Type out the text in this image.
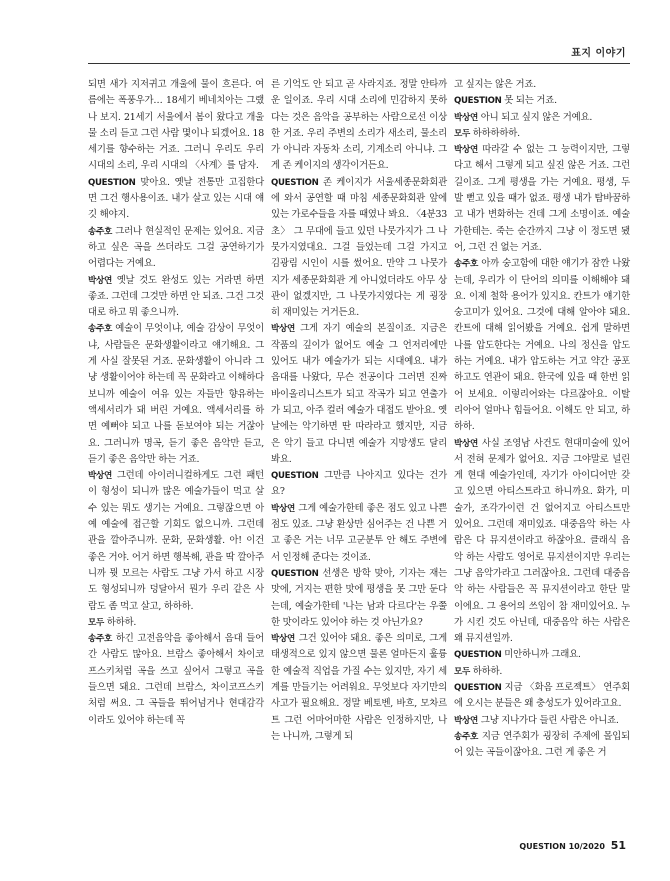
표지 이야기
되면 새가 지저귀고 개울에 물이 흐른다. 여름에는 폭풍우가… 18세기 베네치아는 그랬나 보지. 21세기 서울에서 봄이 왔다고 개울물 소리 듣고 그런 사람 몇이나 되겠어요. 18세기를 향수하는 거죠. 그러니 우리도 우리 시대의 소리, 우리 시대의 〈사계〉를 담자.
QUESTION 맞아요. 옛날 전통만 고집한다면 그건 행사용이죠. 내가 살고 있는 시대 얘깃 해야지.
송주호 그러나 현실적인 문제는 있어요. 지금 하고 싶은 곡을 쓰더라도 그걸 공연하기가 어렵다는 거예요.
박상연 옛날 것도 완성도 있는 거라면 하면 좋죠. 그런데 그것만 하면 안 되죠. 그건 그것대로 하고 뭐 좋으니까.
송주호 예술이 무엇이냐, 예술 감상이 무엇이냐, 사람들은 문화생활이라고 얘기해요. 그게 사실 잘못된 거죠. 문화생활이 아니라 그냥 생활이어야 하는데 꼭 문화라고 이해하다 보니까 예술이 여유 있는 자들만 향유하는 액세서리가 돼 버린 거예요. 액세서리를 하면 예뻐야 되고 나를 돋보여야 되는 거잖아요. 그러니까 명곡, 듣기 좋은 음악만 듣고, 듣기 좋은 음악만 하는 거죠.
박상연 그런데 아이러니컬하게도 그런 패턴이 형성이 되니까 많은 예술가들이 먹고 살 수 있는 뭐도 생기는 거예요. 그렇잖으면 아예 예술에 접근할 기회도 없으니까. 그런데 관을 깔아주니까. 문화, 문화생활. 아! 이건 좋은 거야. 어거 하면 행복해, 관을 딱 깔아주니까 뭣 모르는 사람도 그냥 가서 하고 시장도 형성되니까 덩달아서 뭔가 우리 같은 사람도 좀 먹고 살고, 하하하.
모두 하하하.
송주호 하긴 고전음악을 좋아해서 음대 들어간 사람도 많아요. 브람스 좋아해서 차이코프스키처럼 곡을 쓰고 싶어서 그렇고 곡을 들으면 돼요. 그런데 브람스, 차이코프스키처럼 써요. 그 곡들을 뛰어넘거나 현대감각이라도 있어야 하는데 꼭
른 기억도 안 되고 곧 사라지죠. 정말 안타까운 일이죠. 우리 시대 소리에 민감하지 못하다는 것은 음악을 공부하는 사람으로선 이상한 거죠. 우리 주변의 소리가 새소리, 물소리가 아니라 자동차 소리, 기계소리 아니냐. 그게 존 케이지의 생각이거든요.
QUESTION 존 케이지가 서울세종문화회관에 와서 공연할 때 마침 세종문화회관 앞에 있는 가로수들을 자를 때였나 봐요. 〈4분33초〉 그 무대에 들고 있던 나뭇가지가 그 나뭇가지였대요. 그걸 들었는데 그걸 가지고 김광림 시인이 시를 썼어요. 만약 그 나뭇가지가 세종문화회관 게 아니었더라도 아무 상관이 없겠지만, 그 나뭇가지였다는 게 굉장히 재미있는 거거든요.
박상연 그게 자기 예술의 본질이죠. 지금은 작품의 깊이가 없어도 예술 그 언저리에만 있어도 내가 예술가가 되는 시대예요. 내가 음대를 나왔다, 무슨 전공이다 그러면 진짜 바이올리니스트가 되고 작곡가 되고 연출가가 되고, 아주 컬러 예술가 대접도 받아요. 옛날에는 악기하면 딴 따라라고 했지만, 지금은 악기 들고 다니면 예술가 지망생도 달리 봐요.
QUESTION 그만큼 나아지고 있다는 건가요?
박상연 그게 예술가한테 좋은 점도 있고 나쁜 점도 있죠. 그냥 환상만 심어주는 건 나쁜 거고 좋은 거는 너무 고군분투 안 해도 주변에서 인정해 준다는 것이죠.
QUESTION 선생은 방학 맞아, 기자는 재는 맛에, 거지는 편한 맛에 평생을 못 그만 둔다는데, 예술가한테 '나는 남과 다르다'는 우쭐한 맛이라도 있어야 하는 것 아닌가요?
박상연 그건 있어야 돼요. 좋은 의미로, 그게 태생적으로 있지 않으면 물론 얼마든지 훌륭한 예술적 직업을 가질 수는 있지만, 자기 세계를 만들기는 어려워요. 무엇보다 자기만의 사고가 필요해요. 정말 베토벤, 바흐, 모차르트 그런 어마어마한 사람은 인정하지만, 나는 나니까, 그렇게 되
고 싶지는 않은 거죠.
QUESTION 못 되는 거죠.
박상연 아니 되고 싶지 않은 거예요.
모두 하하하하하.
박상연 따라갈 수 없는 그 능력이지만, 그렇다고 해서 그렇게 되고 싶진 않은 거죠. 그런 길이죠. 그게 평생을 가는 거예요. 평생, 두 발 뻗고 있을 때가 없죠. 평생 내가 탐바꿈하고 내가 변화하는 건데 그게 소명이죠. 예술가한테는. 죽는 순간까지 그냥 이 정도면 됐어, 그런 건 없는 거죠.
송주호 아까 숭고함에 대한 얘기가 잠깐 나왔는데, 우리가 이 단어의 의미를 이해해야 돼요. 이제 철학 용어가 있지요. 칸트가 얘기한 숭고미가 있어요. 그것에 대해 알아야 돼요. 칸트에 대해 읽어봤을 거예요. 쉽게 말하면 나를 압도한다는 거예요. 나의 정신을 압도하는 거예요. 내가 압도하는 거고 약간 공포하고도 연관이 돼요. 한국에 있을 때 한번 읽어 보세요. 이렇리어와는 다르잖아요. 이탈리아어 얼마나 힘들어요. 이해도 안 되고, 하하하.
박상연 사실 조영남 사건도 현대미술에 있어서 전혀 문제가 없어요. 지금 그야말로 널린 게 현대 예술가인데, 자기가 아이디어만 갖고 있으면 아티스트라고 하니까요. 화가, 미술가, 조각가이런 건 없어지고 아티스트만 있어요. 그런데 재미있죠. 대중음악 하는 사람은 다 뮤지션이라고 하잖아요. 클래식 음악 하는 사람도 영어로 뮤지션이지만 우리는 그냥 음악가라고 그러잖아요. 그런데 대중음악 하는 사람들은 꼭 뮤지션이라고 한단 말이에요. 그 용어의 쓰임이 참 재미있어요. 누가 시킨 것도 아닌데, 대중음악 하는 사람은 왜 뮤지션일까.
QUESTION 미안하니까 그래요.
모두 하하하.
QUESTION 지금 〈화음 프로젝트〉 연주회에 오시는 분들은 왜 충성도가 있어라고요.
박상연 그냥 지나가다 들린 사람은 아니죠.
송주호 지금 연주회가 굉장히 주제에 몰입되어 있는 곡들이잖아요. 그런 게 좋은 거
QUESTION 10/2020 51
